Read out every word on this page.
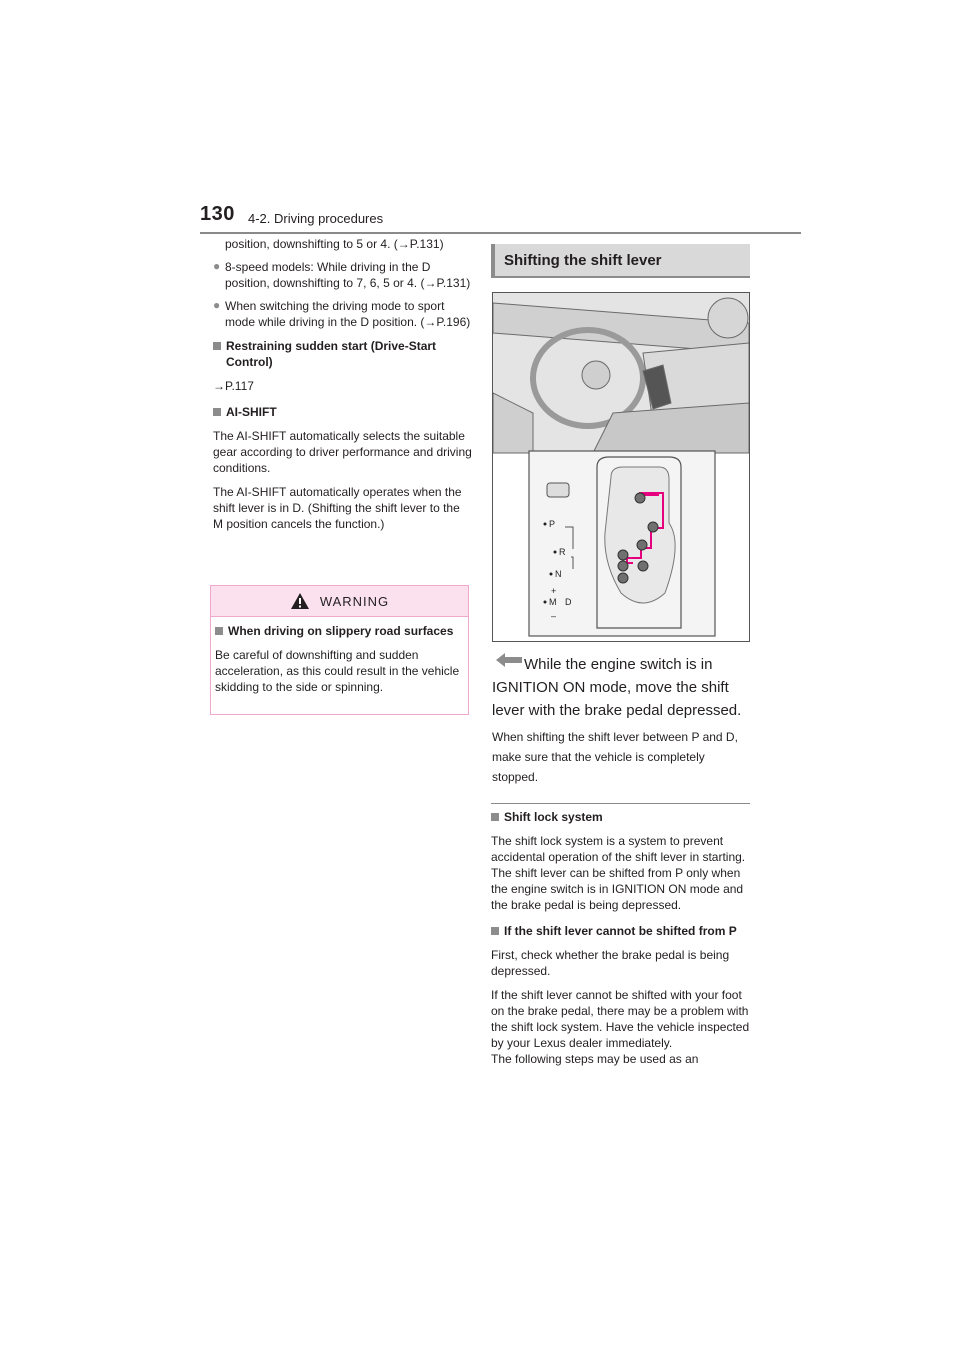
130 4-2. Driving procedures

position, downshifting to 5 or 4. (→P.131)

● 8-speed models: While driving in the D position, downshifting to 7, 6, 5 or 4. (→P.131)

● When switching the driving mode to sport mode while driving in the D position. (→P.196)

Restraining sudden start (Drive-Start Control)

→P.117

AI-SHIFT

The AI-SHIFT automatically selects the suitable gear according to driver performance and driving conditions.

The AI-SHIFT automatically operates when the shift lever is in D. (Shifting the shift lever to the M position cancels the function.)

WARNING
When driving on slippery road surfaces

Be careful of downshifting and sudden acceleration, as this could result in the vehicle skidding to the side or spinning.

Shifting the shift lever
P
R
N
M D
+
–

While the engine switch is in IGNITION ON mode, move the shift lever with the brake pedal depressed.

When shifting the shift lever between P and D, make sure that the vehicle is completely stopped.

Shift lock system

The shift lock system is a system to prevent accidental operation of the shift lever in starting.

The shift lever can be shifted from P only when the engine switch is in IGNITION ON mode and the brake pedal is being depressed.

If the shift lever cannot be shifted from P

First, check whether the brake pedal is being depressed.

If the shift lever cannot be shifted with your foot on the brake pedal, there may be a problem with the shift lock system. Have the vehicle inspected by your Lexus dealer immediately.

The following steps may be used as an
